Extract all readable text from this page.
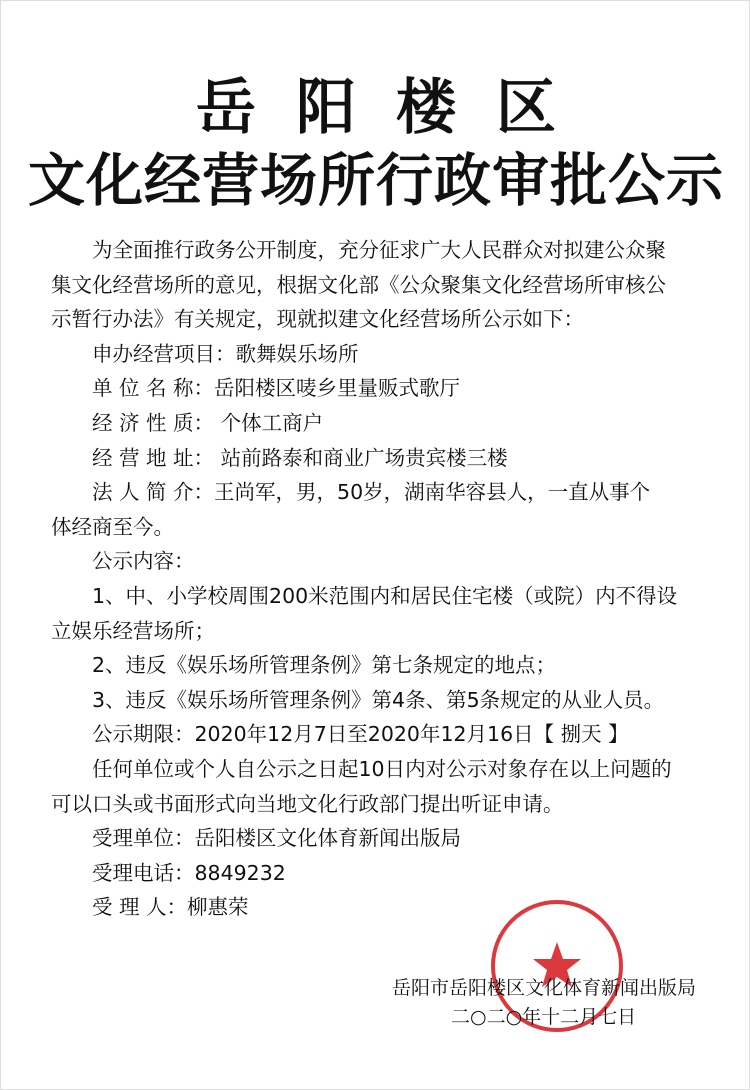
岳阳楼区
文化经营场所行政审批公示
为全面推行政务公开制度，充分征求广大人民群众对拟建公众聚
集文化经营场所的意见，根据文化部《公众聚集文化经营场所审核公
示暂行办法》有关规定，现就拟建文化经营场所公示如下：
申办经营项目：歌舞娱乐场所
单 位 名 称：岳阳楼区唛乡里量贩式歌厅
经 济 性 质： 个体工商户
经 营 地 址： 站前路泰和商业广场贵宾楼三楼
法 人 简 介：王尚军，男，50岁，湖南华容县人，一直从事个
体经商至今。
公示内容：
1、中、小学校周围200米范围内和居民住宅楼（或院）内不得设
立娱乐经营场所；
2、违反《娱乐场所管理条例》第七条规定的地点；
3、违反《娱乐场所管理条例》第4条、第5条规定的从业人员。
公示期限：2020年12月7日至2020年12月16日【 捌天 】
任何单位或个人自公示之日起10日内对公示对象存在以上问题的
可以口头或书面形式向当地文化行政部门提出听证申请。
受理单位：岳阳楼区文化体育新闻出版局
受理电话：8849232
受 理 人：柳惠荣
岳阳市岳阳楼区文化体育新闻出版局
二○二○年十二月七日
